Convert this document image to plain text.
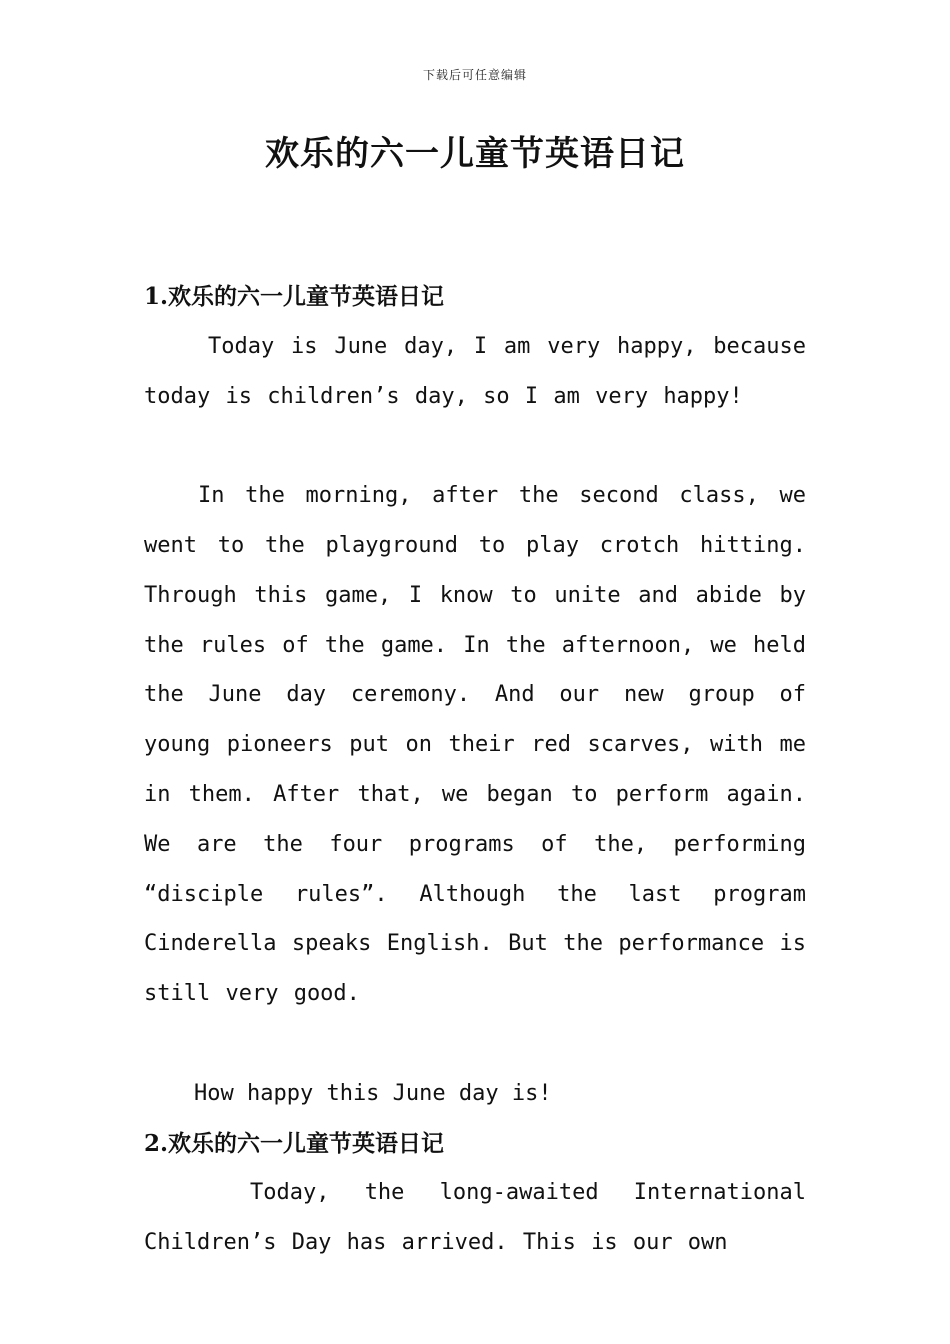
下载后可任意编辑
欢乐的六一儿童节英语日记
1.欢乐的六一儿童节英语日记

Today is June day, I am very happy, because today is children’s day, so I am very happy!

In the morning, after the second class, we went to the playground to play crotch hitting. Through this game, I know to unite and abide by the rules of the game. In the afternoon, we held the June day ceremony. And our new group of young pioneers put on their red scarves, with me in them. After that, we began to perform again. We are the four programs of the, performing “disciple rules”. Although the last program Cinderella speaks English. But the performance is still very good.

How happy this June day is!

2.欢乐的六一儿童节英语日记

Today, the long-awaited International Children’s Day has arrived. This is our own
